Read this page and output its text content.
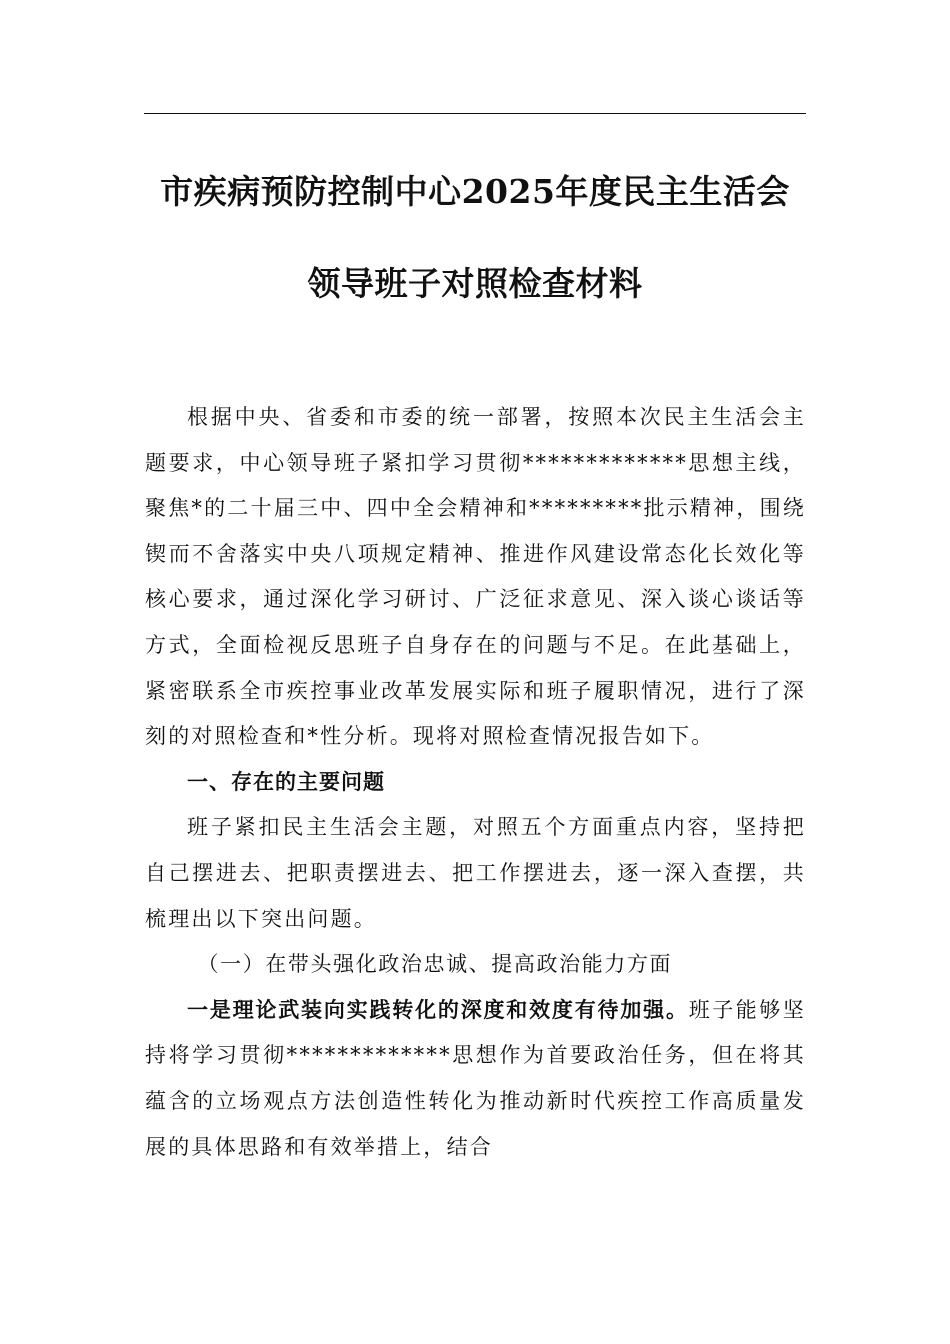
市疾病预防控制中心2025年度民主生活会
领导班子对照检查材料

根据中央、省委和市委的统一部署，按照本次民主生活会主题要求，中心领导班子紧扣学习贯彻*************思想主线，聚焦*的二十届三中、四中全会精神和*********批示精神，围绕锲而不舍落实中央八项规定精神、推进作风建设常态化长效化等核心要求，通过深化学习研讨、广泛征求意见、深入谈心谈话等方式，全面检视反思班子自身存在的问题与不足。在此基础上，紧密联系全市疾控事业改革发展实际和班子履职情况，进行了深刻的对照检查和*性分析。现将对照检查情况报告如下。

一、存在的主要问题

班子紧扣民主生活会主题，对照五个方面重点内容，坚持把自己摆进去、把职责摆进去、把工作摆进去，逐一深入查摆，共梳理出以下突出问题。

（一）在带头强化政治忠诚、提高政治能力方面

一是理论武装向实践转化的深度和效度有待加强。班子能够坚持将学习贯彻*************思想作为首要政治任务，但在将其蕴含的立场观点方法创造性转化为推动新时代疾控工作高质量发展的具体思路和有效举措上，结合
